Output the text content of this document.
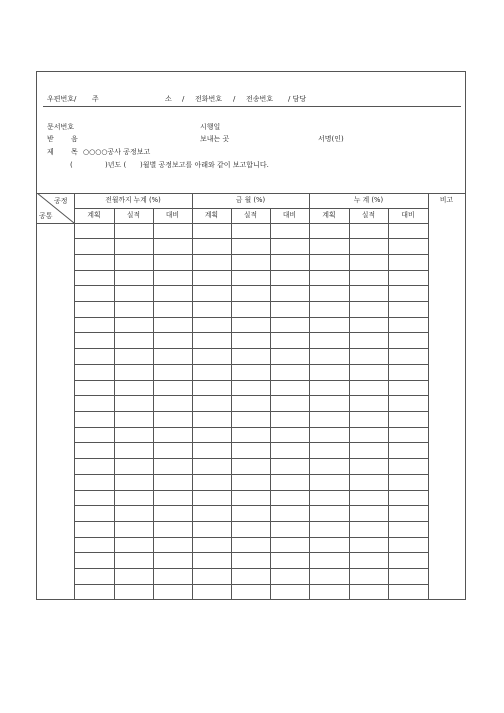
우편번호/ 주	소 / 전화번호 / 전송번호 / 담당
문서번호	시행일
받 음	보내는 곳	서명(인)
제 목 ○○○○공사 공정보고
(	)년도 ( )월별 공정보고를 아래와 같이 보고합니다.
공정
공통
전월까지 누계 (%)	금 월 (%)	누 계 (%)	비고
계획	실적	대비	계획	실적	대비	계획	실적	대비
